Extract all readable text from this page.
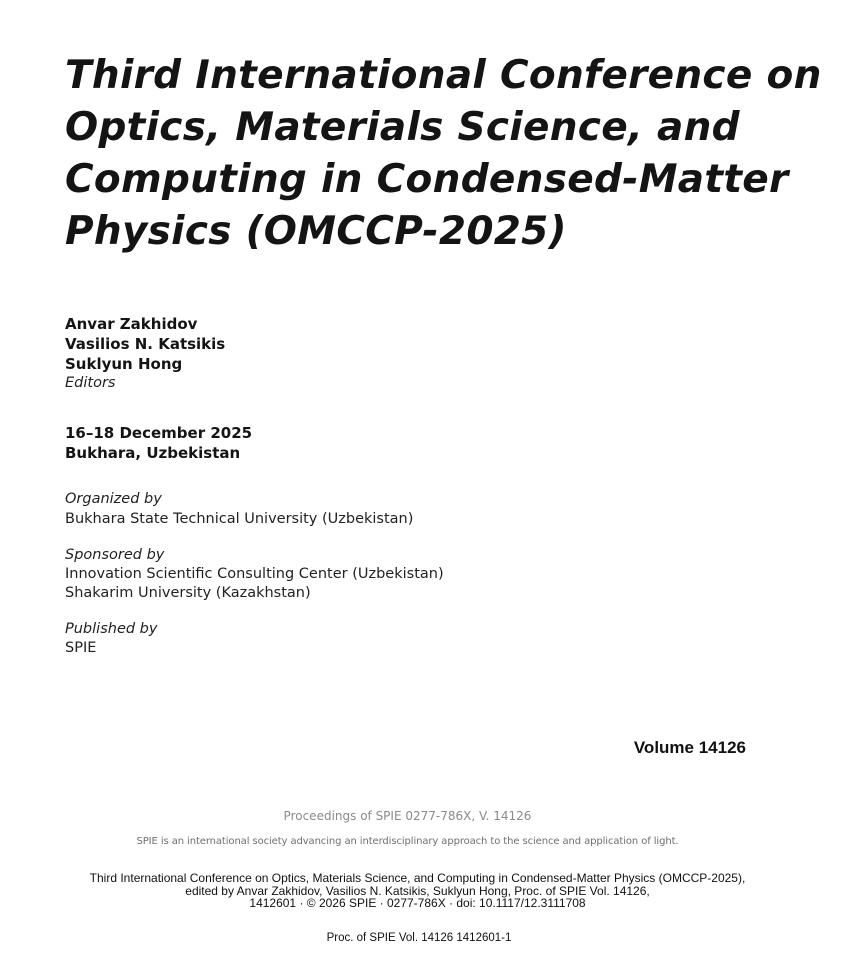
Third International Conference on
Optics, Materials Science, and
Computing in Condensed-Matter
Physics (OMCCP-2025)
Anvar Zakhidov
Vasilios N. Katsikis
Suklyun Hong
Editors
16–18 December 2025
Bukhara, Uzbekistan
Organized by
Bukhara State Technical University (Uzbekistan)
Sponsored by
Innovation Scientific Consulting Center (Uzbekistan)
Shakarim University (Kazakhstan)
Published by
SPIE
Volume 14126
Proceedings of SPIE 0277-786X, V. 14126
SPIE is an international society advancing an interdisciplinary approach to the science and application of light.
Third International Conference on Optics, Materials Science, and Computing in Condensed-Matter Physics (OMCCP-2025),
edited by Anvar Zakhidov, Vasilios N. Katsikis, Suklyun Hong, Proc. of SPIE Vol. 14126,
1412601 · © 2026 SPIE · 0277-786X · doi: 10.1117/12.3111708
Proc. of SPIE Vol. 14126 1412601-1
